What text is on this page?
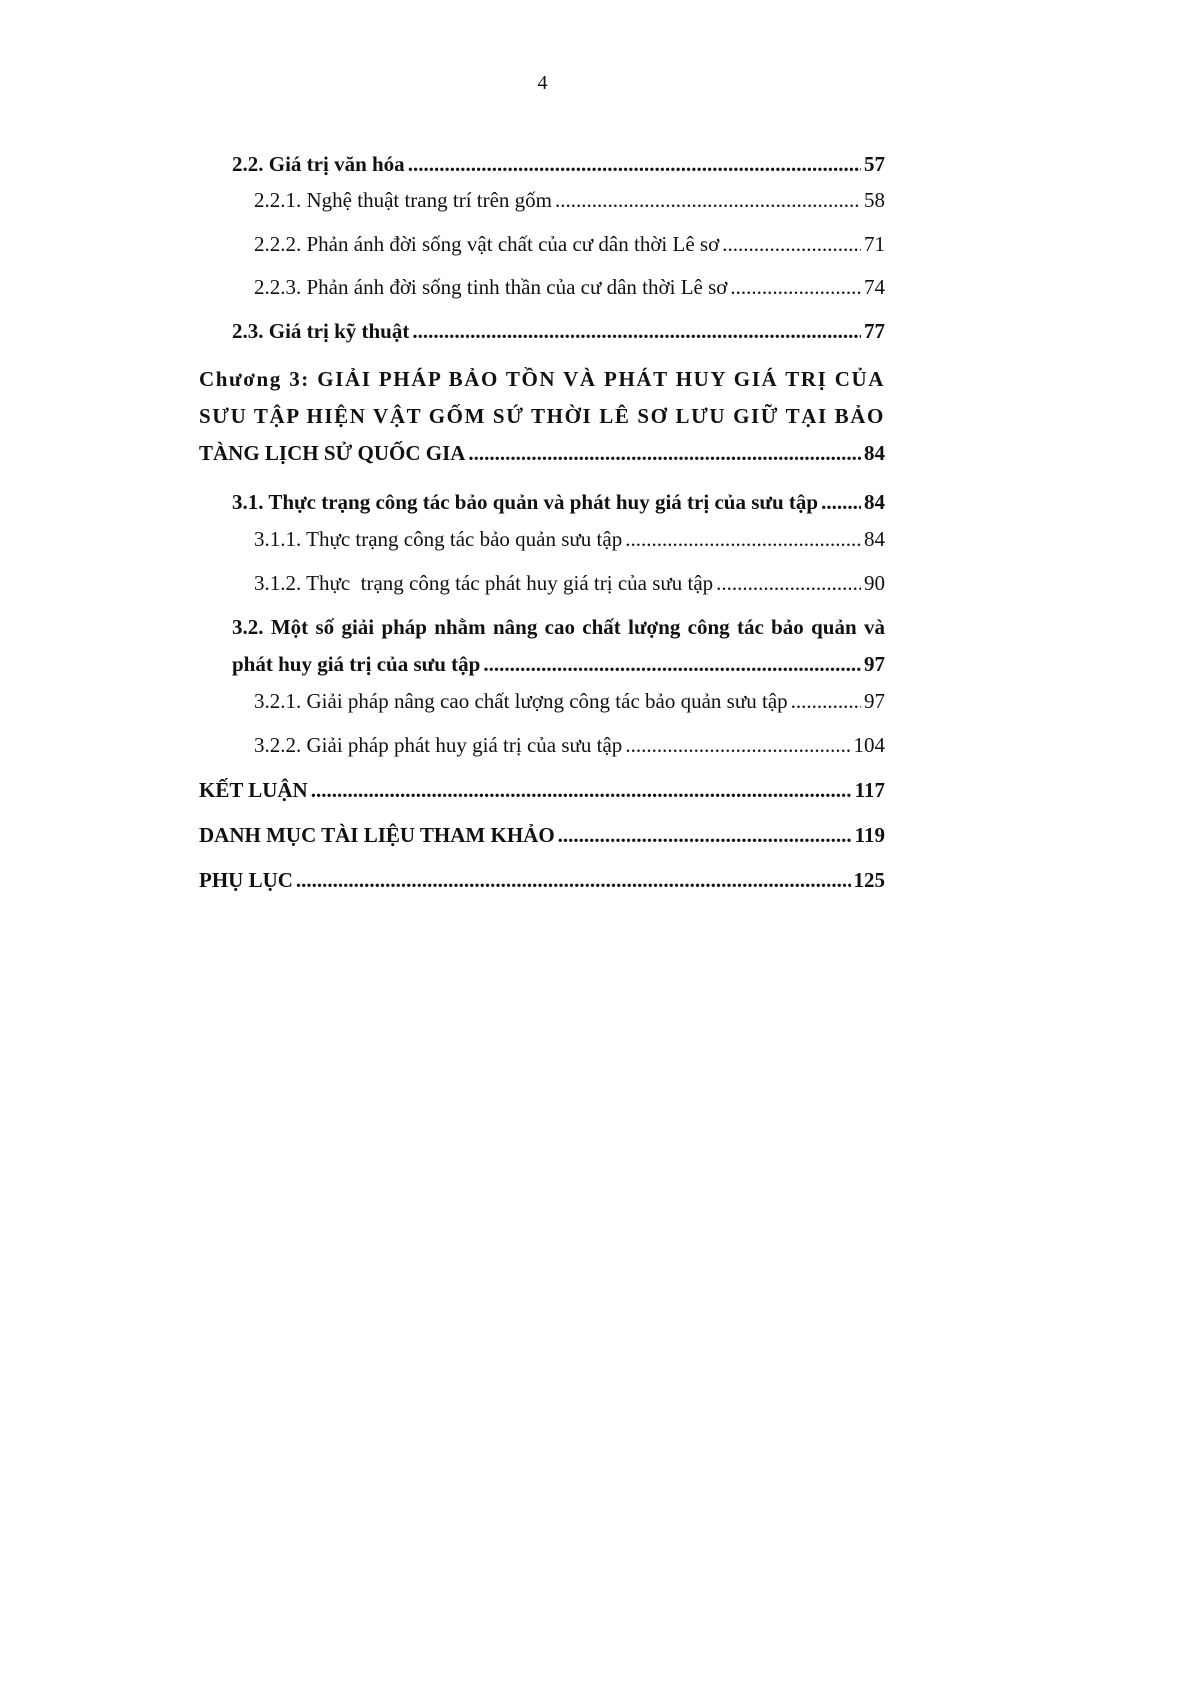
4
2.2. Giá trị văn hóa .....	57
2.2.1. Nghệ thuật trang trí trên gốm .....	58
2.2.2. Phản ánh đời sống vật chất của cư dân thời Lê sơ .....	71
2.2.3. Phản ánh đời sống tinh thần của cư dân thời Lê sơ .....	74
2.3. Giá trị kỹ thuật .....	77
Chương 3: GIẢI PHÁP BẢO TỒN VÀ PHÁT HUY GIÁ TRỊ CỦA
SƯU TẬP HIỆN VẬT GỐM SỨ THỜI LÊ SƠ LƯU GIỮ TẠI BẢO
TÀNG LỊCH SỬ QUỐC GIA .....	84
3.1. Thực trạng công tác bảo quản và phát huy giá trị của sưu tập ..... 84
3.1.1. Thực trạng công tác bảo quản sưu tập .....	84
3.1.2. Thực  trạng công tác phát huy giá trị của sưu tập .....	90
3.2. Một số giải pháp nhằm nâng cao chất lượng công tác bảo quản và
phát huy giá trị của sưu tập .....	97
3.2.1. Giải pháp nâng cao chất lượng công tác bảo quản sưu tập .....	97
3.2.2. Giải pháp phát huy giá trị của sưu tập .....	104
KẾT LUẬN .....	117
DANH MỤC TÀI LIỆU THAM KHẢO .....	119
PHỤ LỤC .....	125
